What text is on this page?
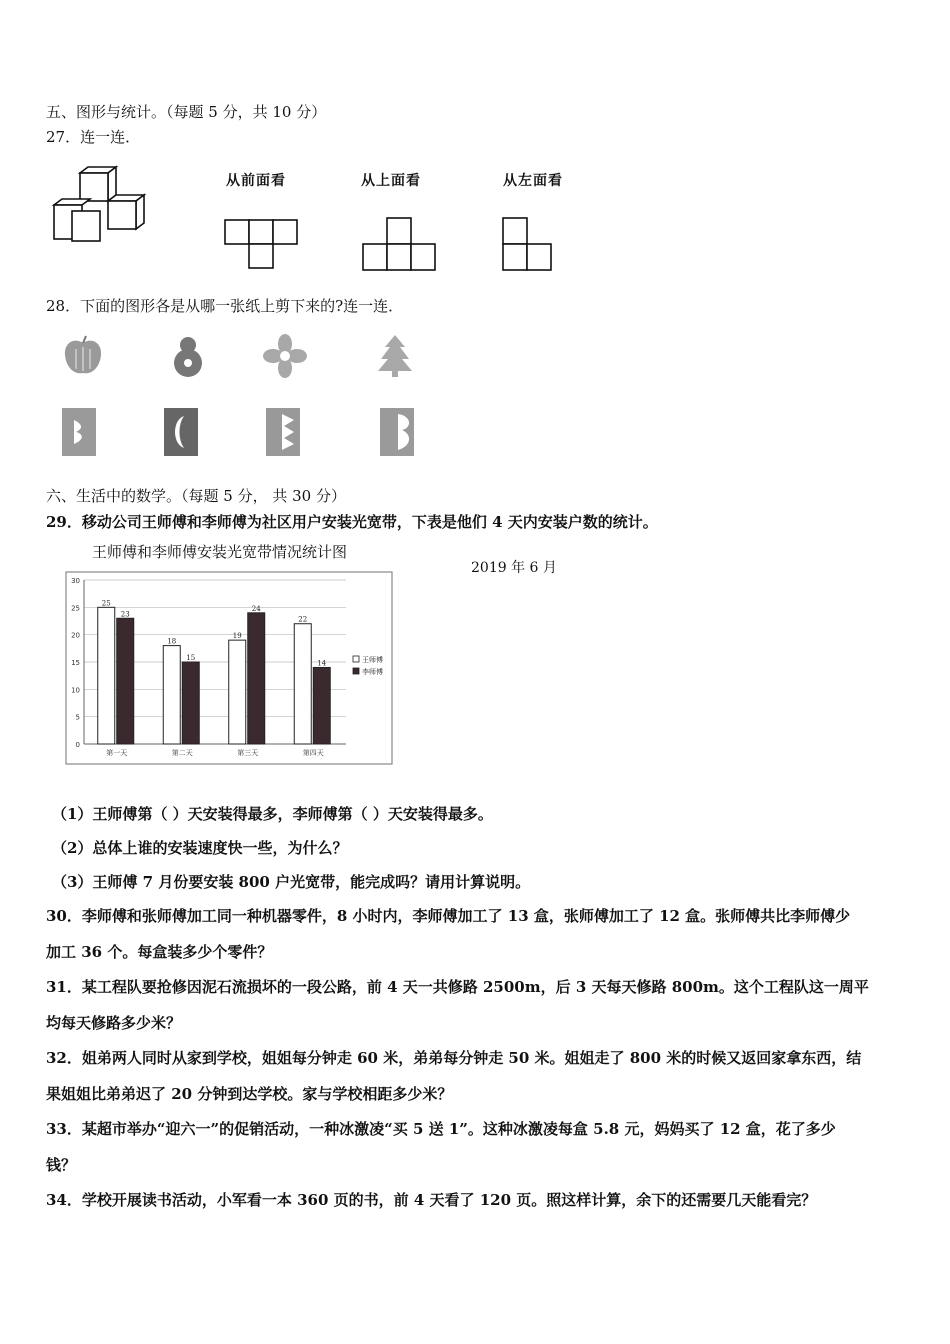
五、图形与统计。（每题 5 分，共 10 分）
27．连一连．
从前面看	从上面看	从左面看
28．下面的图形各是从哪一张纸上剪下来的?连一连．
六、生活中的数学。（每题 5 分， 共 30 分）
29．移动公司王师傅和李师傅为社区用户安装光宽带，下表是他们 4 天内安装户数的统计。
王师傅和李师傅安装光宽带情况统计图
2019 年 6 月
0
5
10
15
20
25
30
25
23
第一天
18
15
第二天
19
24
第三天
22
14
第四天
王师傅
李师傅
（1）王师傅第（ ）天安装得最多，李师傅第（ ）天安装得最多。
（2）总体上谁的安装速度快一些，为什么？
（3）王师傅 7 月份要安装 800 户光宽带，能完成吗？请用计算说明。
30．李师傅和张师傅加工同一种机器零件，8 小时内，李师傅加工了 13 盒，张师傅加工了 12 盒。张师傅共比李师傅少
加工 36 个。每盒装多少个零件？
31．某工程队要抢修因泥石流损坏的一段公路，前 4 天一共修路 2500m，后 3 天每天修路 800m。这个工程队这一周平
均每天修路多少米？
32．姐弟两人同时从家到学校，姐姐每分钟走 60 米，弟弟每分钟走 50 米。姐姐走了 800 米的时候又返回家拿东西，结
果姐姐比弟弟迟了 20 分钟到达学校。家与学校相距多少米？
33．某超市举办“迎六一”的促销活动，一种冰激凌“买 5 送 1”。这种冰激凌每盒 5.8 元，妈妈买了 12 盒，花了多少
钱？
34．学校开展读书活动，小军看一本 360 页的书，前 4 天看了 120 页。照这样计算，余下的还需要几天能看完？
